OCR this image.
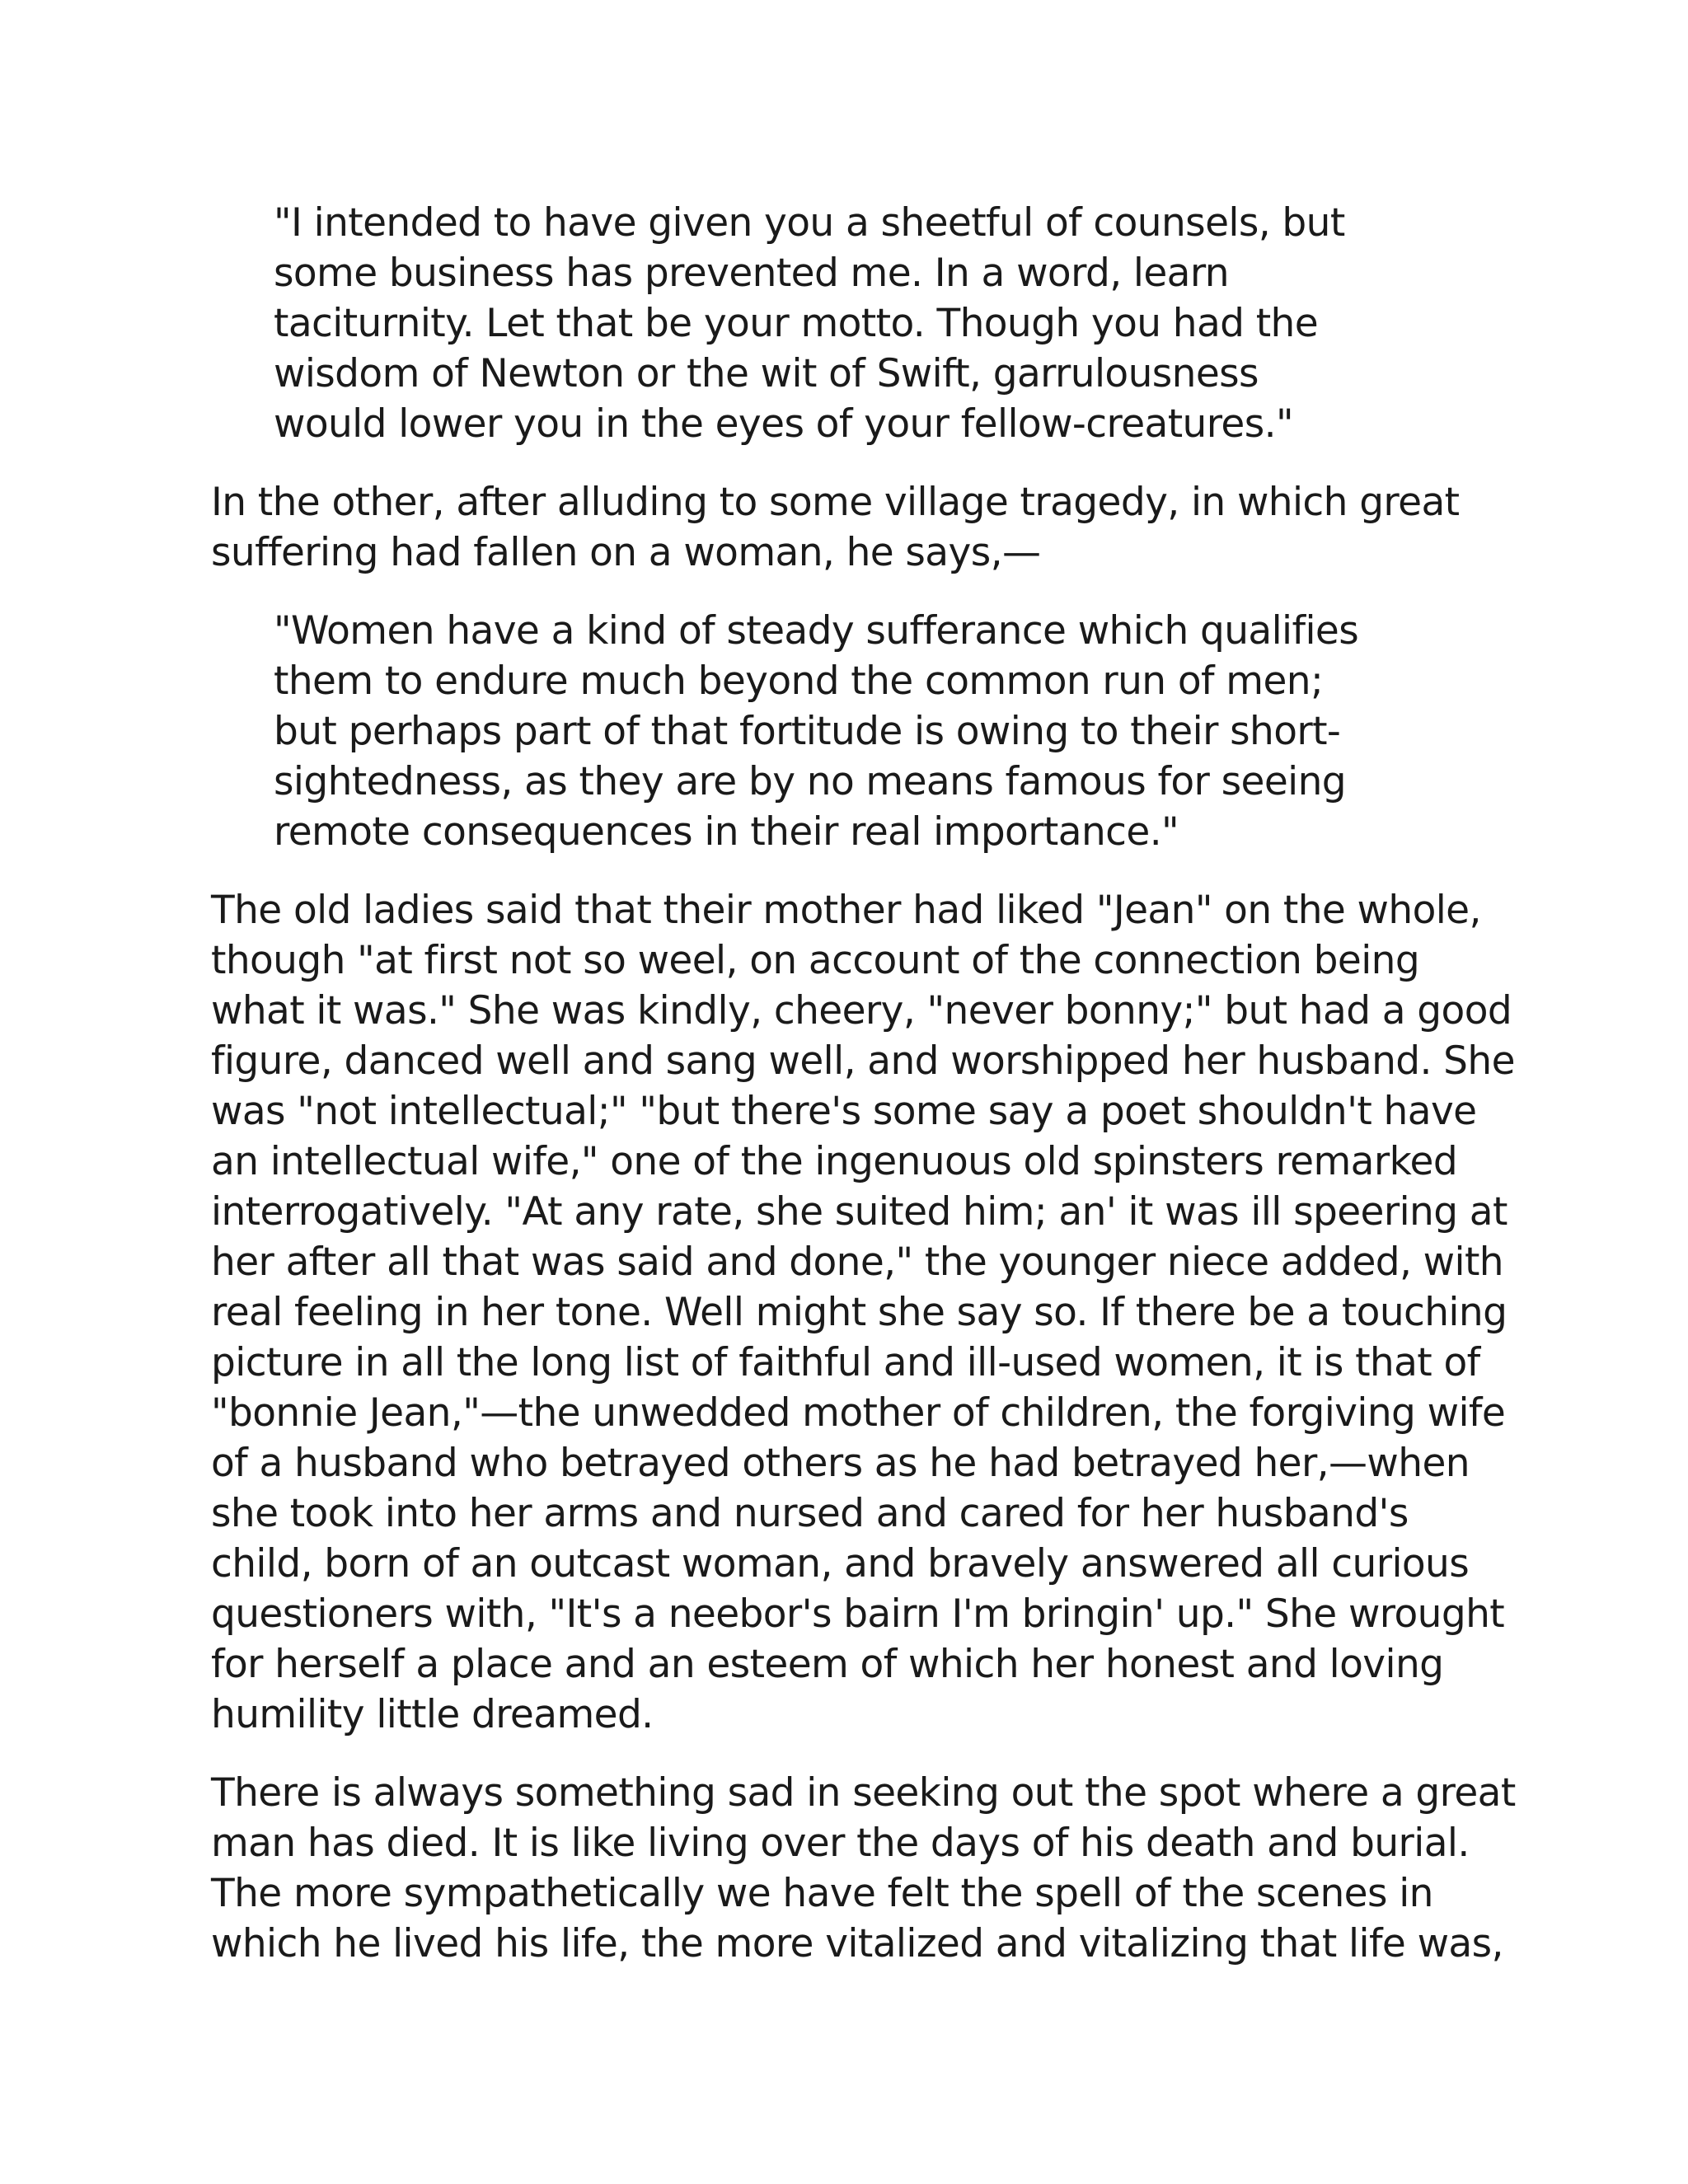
"I intended to have given you a sheetful of counsels, but
some business has prevented me. In a word, learn
taciturnity. Let that be your motto. Though you had the
wisdom of Newton or the wit of Swift, garrulousness
would lower you in the eyes of your fellow-creatures."
In the other, after alluding to some village tragedy, in which great
suffering had fallen on a woman, he says,—
"Women have a kind of steady sufferance which qualifies
them to endure much beyond the common run of men;
but perhaps part of that fortitude is owing to their short-
sightedness, as they are by no means famous for seeing
remote consequences in their real importance."
The old ladies said that their mother had liked "Jean" on the whole,
though "at first not so weel, on account of the connection being
what it was." She was kindly, cheery, "never bonny;" but had a good
figure, danced well and sang well, and worshipped her husband. She
was "not intellectual;" "but there's some say a poet shouldn't have
an intellectual wife," one of the ingenuous old spinsters remarked
interrogatively. "At any rate, she suited him; an' it was ill speering at
her after all that was said and done," the younger niece added, with
real feeling in her tone. Well might she say so. If there be a touching
picture in all the long list of faithful and ill-used women, it is that of
"bonnie Jean,"—the unwedded mother of children, the forgiving wife
of a husband who betrayed others as he had betrayed her,—when
she took into her arms and nursed and cared for her husband's
child, born of an outcast woman, and bravely answered all curious
questioners with, "It's a neebor's bairn I'm bringin' up." She wrought
for herself a place and an esteem of which her honest and loving
humility little dreamed.
There is always something sad in seeking out the spot where a great
man has died. It is like living over the days of his death and burial.
The more sympathetically we have felt the spell of the scenes in
which he lived his life, the more vitalized and vitalizing that life was,
